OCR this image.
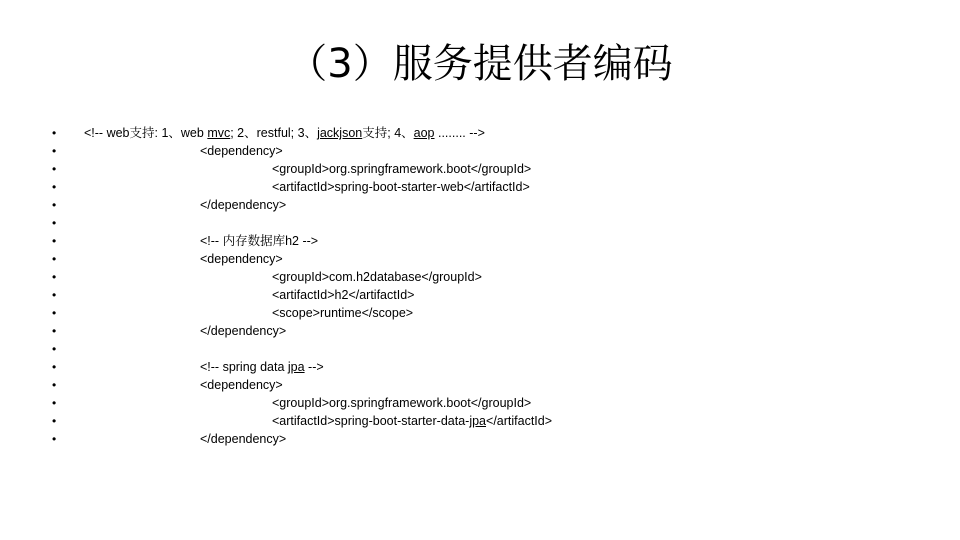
（3）服务提供者编码
•	<!-- web支持: 1、web mvc; 2、restful; 3、jackjson支持; 4、aop ........ -->
•	<dependency>
•	<groupId>org.springframework.boot</groupId>
•	<artifactId>spring-boot-starter-web</artifactId>
•	</dependency>
•
•	<!-- 内存数据库h2 -->
•	<dependency>
•	<groupId>com.h2database</groupId>
•	<artifactId>h2</artifactId>
•	<scope>runtime</scope>
•	</dependency>
•
•	<!-- spring data jpa -->
•	<dependency>
•	<groupId>org.springframework.boot</groupId>
•	<artifactId>spring-boot-starter-data-jpa</artifactId>
•	</dependency>
